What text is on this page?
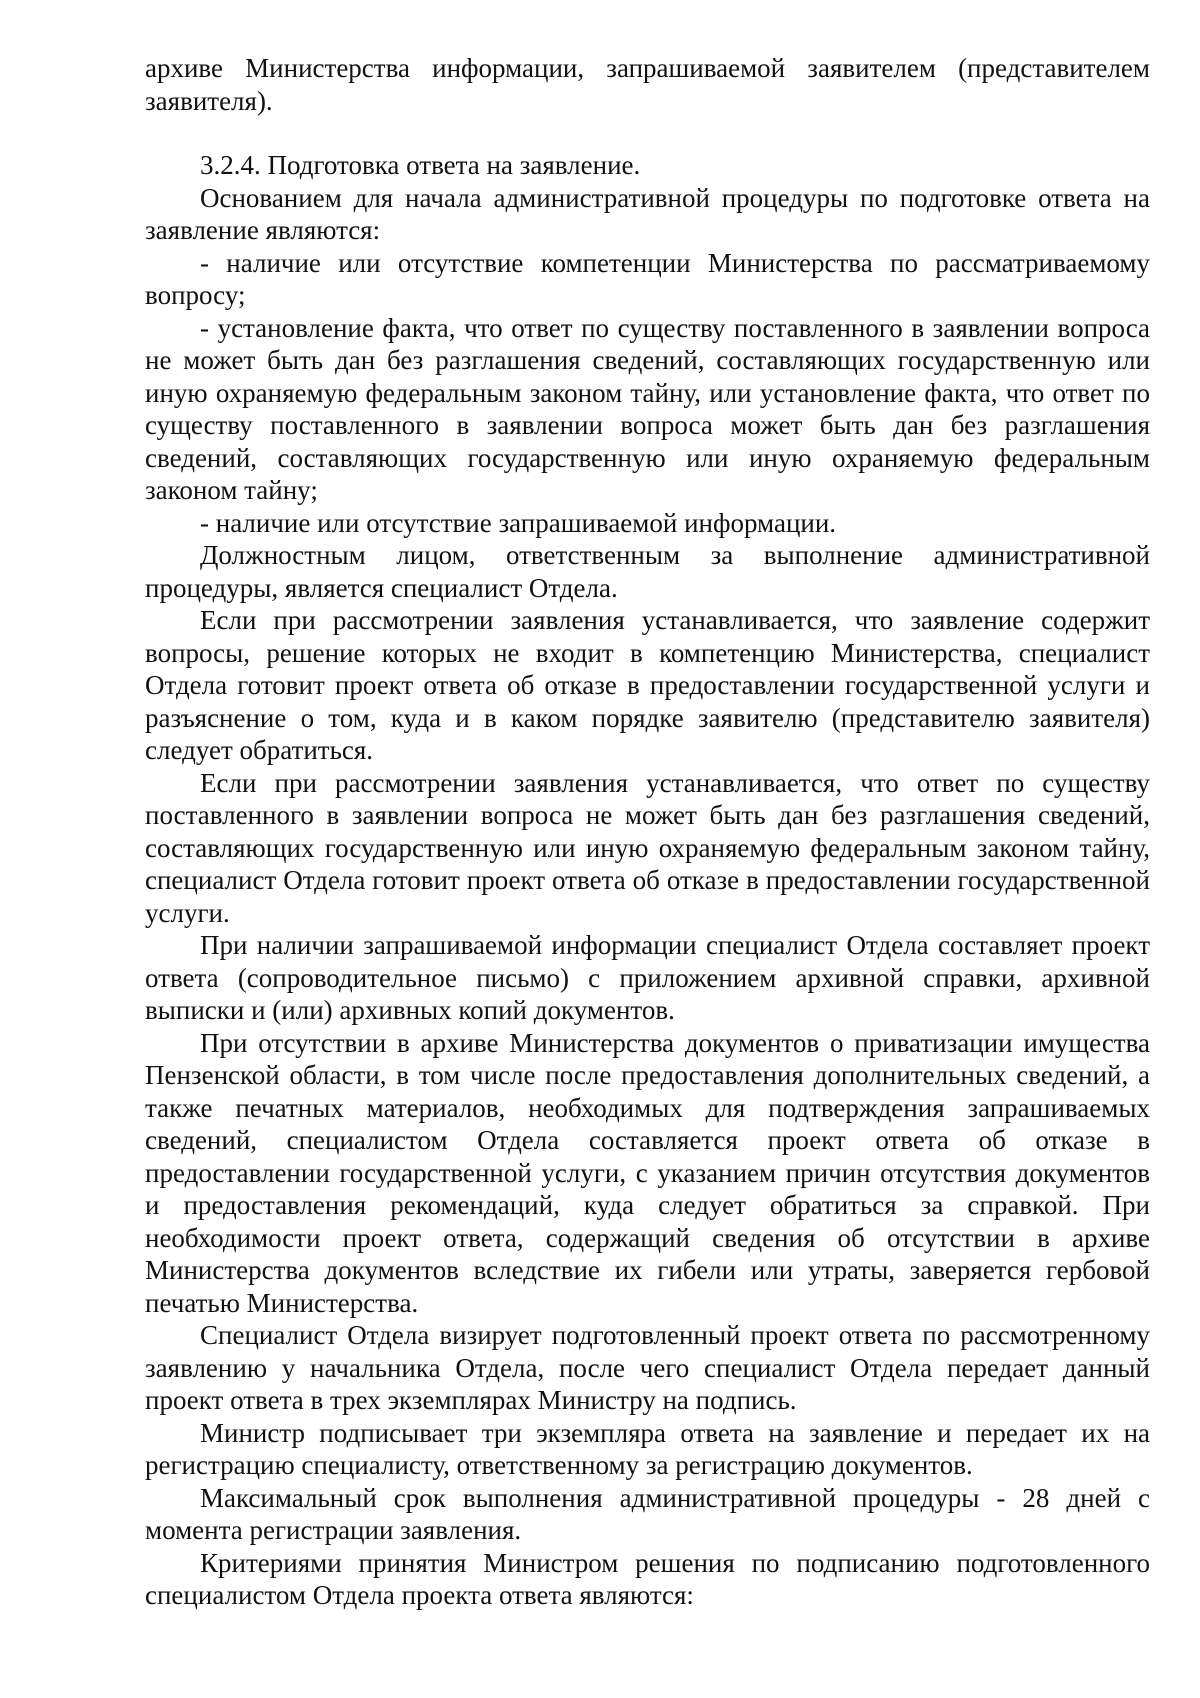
архиве Министерства информации, запрашиваемой заявителем (представителем заявителя).

3.2.4. Подготовка ответа на заявление.

Основанием для начала административной процедуры по подготовке ответа на заявление являются:

- наличие или отсутствие компетенции Министерства по рассматриваемому вопросу;

- установление факта, что ответ по существу поставленного в заявлении вопроса не может быть дан без разглашения сведений, составляющих государственную или иную охраняемую федеральным законом тайну, или установление факта, что ответ по существу поставленного в заявлении вопроса может быть дан без разглашения сведений, составляющих государственную или иную охраняемую федеральным законом тайну;

- наличие или отсутствие запрашиваемой информации.

Должностным лицом, ответственным за выполнение административной процедуры, является специалист Отдела.

Если при рассмотрении заявления устанавливается, что заявление содержит вопросы, решение которых не входит в компетенцию Министерства, специалист Отдела готовит проект ответа об отказе в предоставлении государственной услуги и разъяснение о том, куда и в каком порядке заявителю (представителю заявителя) следует обратиться.

Если при рассмотрении заявления устанавливается, что ответ по существу поставленного в заявлении вопроса не может быть дан без разглашения сведений, составляющих государственную или иную охраняемую федеральным законом тайну, специалист Отдела готовит проект ответа об отказе в предоставлении государственной услуги.

При наличии запрашиваемой информации специалист Отдела составляет проект ответа (сопроводительное письмо) с приложением архивной справки, архивной выписки и (или) архивных копий документов.

При отсутствии в архиве Министерства документов о приватизации имущества Пензенской области, в том числе после предоставления дополнительных сведений, а также печатных материалов, необходимых для подтверждения запрашиваемых сведений, специалистом Отдела составляется проект ответа об отказе в предоставлении государственной услуги, с указанием причин отсутствия документов и предоставления рекомендаций, куда следует обратиться за справкой. При необходимости проект ответа, содержащий сведения об отсутствии в архиве Министерства документов вследствие их гибели или утраты, заверяется гербовой печатью Министерства.

Специалист Отдела визирует подготовленный проект ответа по рассмотренному заявлению у начальника Отдела, после чего специалист Отдела передает данный проект ответа в трех экземплярах Министру на подпись.

Министр подписывает три экземпляра ответа на заявление и передает их на регистрацию специалисту, ответственному за регистрацию документов.

Максимальный срок выполнения административной процедуры - 28 дней с момента регистрации заявления.

Критериями принятия Министром решения по подписанию подготовленного специалистом Отдела проекта ответа являются:
